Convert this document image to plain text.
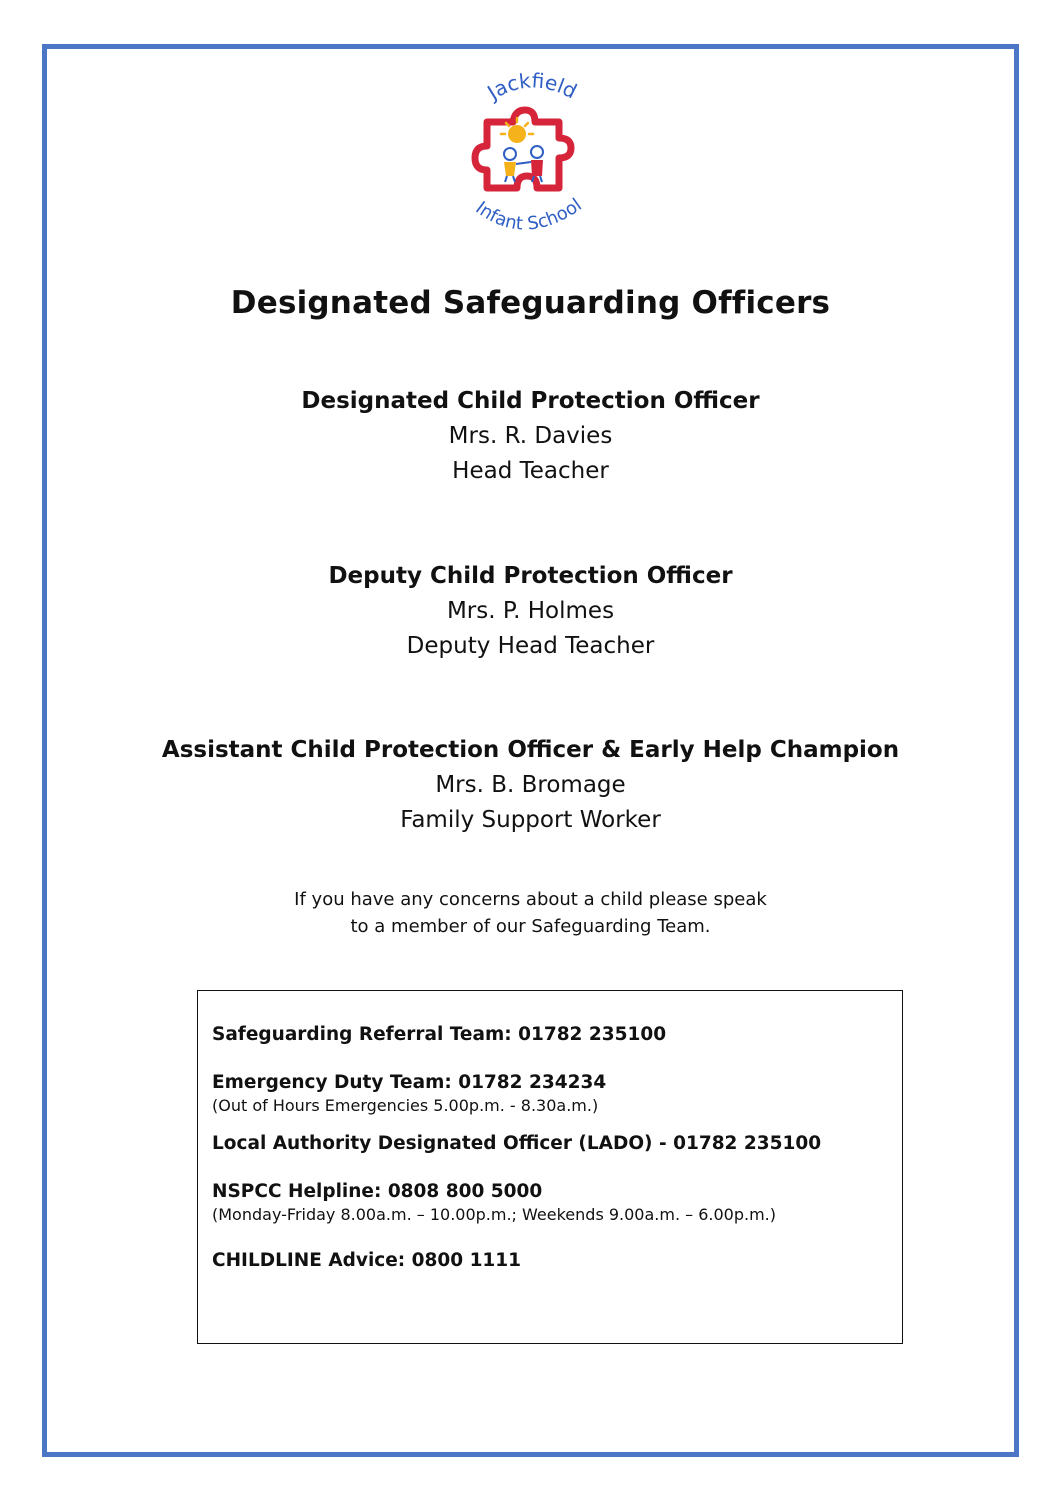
Jackfield
Infant School
Designated Safeguarding Officers
Designated Child Protection Officer
Mrs. R. Davies
Head Teacher
Deputy Child Protection Officer
Mrs. P. Holmes
Deputy Head Teacher
Assistant Child Protection Officer & Early Help Champion
Mrs. B. Bromage
Family Support Worker
If you have any concerns about a child please speak
to a member of our Safeguarding Team.
Safeguarding Referral Team: 01782 235100
Emergency Duty Team: 01782 234234
(Out of Hours Emergencies 5.00p.m. - 8.30a.m.)
Local Authority Designated Officer (LADO) - 01782 235100
NSPCC Helpline: 0808 800 5000
(Monday-Friday 8.00a.m. – 10.00p.m.; Weekends 9.00a.m. – 6.00p.m.)
CHILDLINE Advice: 0800 1111
